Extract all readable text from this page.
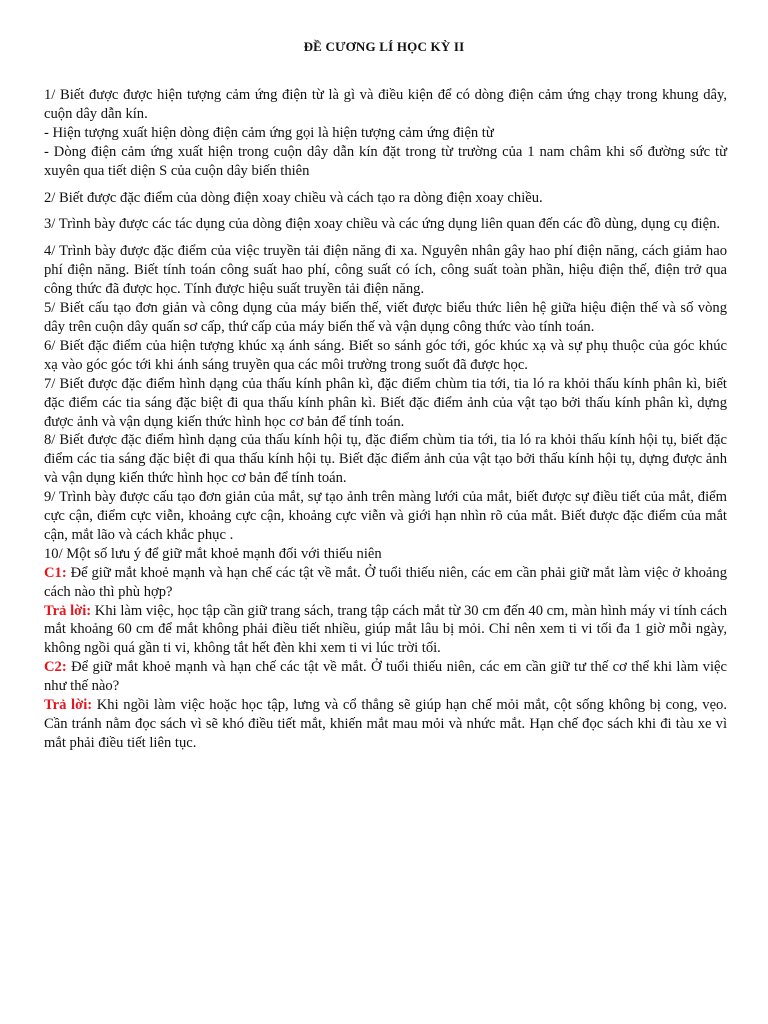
ĐỀ CƯƠNG LÍ HỌC KỲ II

1/ Biết được được hiện tượng cảm ứng điện từ là gì và điều kiện để có dòng điện cảm ứng chạy trong khung dây, cuộn dây dẫn kín.

- Hiện tượng xuất hiện dòng điện cảm ứng gọi là hiện tượng cảm ứng điện từ

- Dòng điện cảm ứng xuất hiện trong cuộn dây dẫn kín đặt trong từ trường của 1 nam châm khi số đường sức từ xuyên qua tiết diện S của cuộn dây biến thiên

2/ Biết được đặc điểm của dòng điện xoay chiều và cách tạo ra dòng điện xoay chiều.

3/ Trình bày được các tác dụng của dòng điện xoay chiều và các ứng dụng liên quan đến các đồ dùng, dụng cụ điện.

4/ Trình bày được đặc điểm của việc truyền tải điện năng đi xa. Nguyên nhân gây hao phí điện năng, cách giảm hao phí điện năng. Biết tính toán công suất hao phí, công suất có ích, công suất toàn phần, hiệu điện thế, điện trở qua công thức đã được học. Tính được hiệu suất truyền tải điện năng.

5/ Biết cấu tạo đơn giản và công dụng của máy biến thế, viết được biểu thức liên hệ giữa hiệu điện thế và số vòng dây trên cuộn dây quấn sơ cấp, thứ cấp của máy biến thế và vận dụng công thức vào tính toán.

6/ Biết đặc điểm của hiện tượng khúc xạ ánh sáng. Biết so sánh góc tới, góc khúc xạ và sự phụ thuộc của góc khúc xạ vào góc góc tới khi ánh sáng truyền qua các môi trường trong suốt đã được học.

7/ Biết được đặc điểm hình dạng của thấu kính phân kì, đặc điểm chùm tia tới, tia ló ra khỏi thấu kính phân kì, biết đặc điểm các tia sáng đặc biệt đi qua thấu kính phân kì. Biết đặc điểm ảnh của vật tạo bởi thấu kính phân kì, dựng được ảnh và vận dụng kiến thức hình học cơ bản để tính toán.

8/ Biết được đặc điểm hình dạng của thấu kính hội tụ, đặc điểm chùm tia tới, tia ló ra khỏi thấu kính hội tụ, biết đặc điểm các tia sáng đặc biệt đi qua thấu kính hội tụ. Biết đặc điểm ảnh của vật tạo bởi thấu kính hội tụ, dựng được ảnh và vận dụng kiến thức hình học cơ bản để tính toán.

9/ Trình bày được cấu tạo đơn giản của mắt, sự tạo ảnh trên màng lưới của mắt, biết được sự điều tiết của mắt, điểm cực cận, điểm cực viễn, khoảng cực cận, khoảng cực viễn và giới hạn nhìn rõ của mắt. Biết được đặc điểm của mắt cận, mắt lão và cách khắc phục .

10/ Một số lưu ý để giữ mắt khoẻ mạnh đối với thiếu niên

C1: Để giữ mắt khoẻ mạnh và hạn chế các tật về mắt. Ở tuổi thiếu niên, các em cần phải giữ mắt làm việc ở khoảng cách nào thì phù hợp?

Trả lời: Khi làm việc, học tập cần giữ trang sách, trang tập cách mắt từ 30 cm đến 40 cm, màn hình máy vi tính cách mắt khoảng 60 cm để mắt không phải điều tiết nhiều, giúp mắt lâu bị mỏi. Chỉ nên xem ti vi tối đa 1 giờ mỗi ngày, không ngồi quá gần ti vi, không tắt hết đèn khi xem ti vi lúc trời tối.

C2: Để giữ mắt khoẻ mạnh và hạn chế các tật về mắt. Ở tuổi thiếu niên, các em cần giữ tư thế cơ thể khi làm việc như thế nào?

Trả lời: Khi ngồi làm việc hoặc học tập, lưng và cổ thẳng sẽ giúp hạn chế mỏi mắt, cột sống không bị cong, vẹo. Cần tránh nằm đọc sách vì sẽ khó điều tiết mắt, khiến mắt mau mỏi và nhức mắt. Hạn chế đọc sách khi đi tàu xe vì mắt phải điều tiết liên tục.
